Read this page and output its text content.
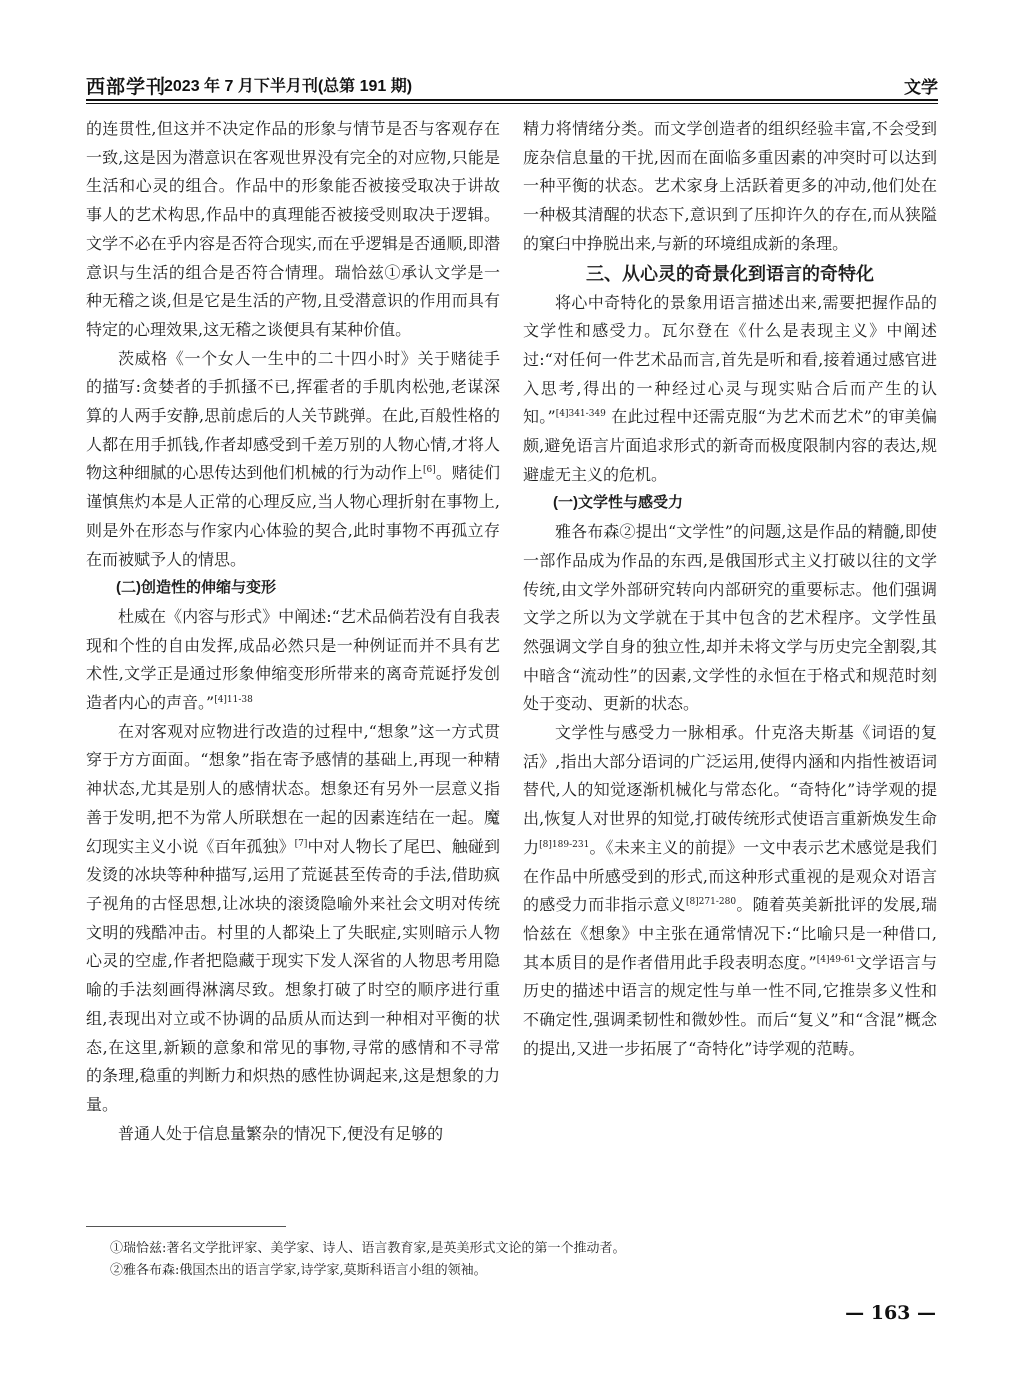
西部学刊
2023 年 7 月下半月刊(总第 191 期)	文学

的连贯性,但这并不决定作品的形象与情节是否与客观存在一致,这是因为潜意识在客观世界没有完全的对应物,只能是生活和心灵的组合。作品中的形象能否被接受取决于讲故事人的艺术构思,作品中的真理能否被接受则取决于逻辑。文学不必在乎内容是否符合现实,而在乎逻辑是否通顺,即潜意识与生活的组合是否符合情理。瑞恰兹①承认文学是一种无稽之谈,但是它是生活的产物,且受潜意识的作用而具有特定的心理效果,这无稽之谈便具有某种价值。

茨威格《一个女人一生中的二十四小时》关于赌徒手的描写:贪婪者的手抓搔不已,挥霍者的手肌肉松弛,老谋深算的人两手安静,思前虑后的人关节跳弹。在此,百般性格的人都在用手抓钱,作者却感受到千差万别的人物心情,才将人物这种细腻的心思传达到他们机械的行为动作上[6]。赌徒们谨慎焦灼本是人正常的心理反应,当人物心理折射在事物上,则是外在形态与作家内心体验的契合,此时事物不再孤立存在而被赋予人的情思。

(二)创造性的伸缩与变形

杜威在《内容与形式》中阐述:“艺术品倘若没有自我表现和个性的自由发挥,成品必然只是一种例证而并不具有艺术性,文学正是通过形象伸缩变形所带来的离奇荒诞抒发创造者内心的声音。”$^{[4]11-38}$

在对客观对应物进行改造的过程中,“想象”这一方式贯穿于方方面面。“想象”指在寄予感情的基础上,再现一种精神状态,尤其是别人的感情状态。想象还有另外一层意义指善于发明,把不为常人所联想在一起的因素连结在一起。魔幻现实主义小说《百年孤独》[7]中对人物长了尾巴、触碰到发烫的冰块等种种描写,运用了荒诞甚至传奇的手法,借助疯子视角的古怪思想,让冰块的滚烫隐喻外来社会文明对传统文明的残酷冲击。村里的人都染上了失眠症,实则暗示人物心灵的空虚,作者把隐藏于现实下发人深省的人物思考用隐喻的手法刻画得淋漓尽致。想象打破了时空的顺序进行重组,表现出对立或不协调的品质从而达到一种相对平衡的状态,在这里,新颖的意象和常见的事物,寻常的感情和不寻常的条理,稳重的判断力和炽热的感性协调起来,这是想象的力量。

普通人处于信息量繁杂的情况下,便没有足够的

精力将情绪分类。而文学创造者的组织经验丰富,不会受到庞杂信息量的干扰,因而在面临多重因素的冲突时可以达到一种平衡的状态。艺术家身上活跃着更多的冲动,他们处在一种极其清醒的状态下,意识到了压抑许久的存在,而从狭隘的窠臼中挣脱出来,与新的环境组成新的条理。

三、从心灵的奇景化到语言的奇特化

将心中奇特化的景象用语言描述出来,需要把握作品的文学性和感受力。瓦尔登在《什么是表现主义》中阐述过:“对任何一件艺术品而言,首先是听和看,接着通过感官进入思考,得出的一种经过心灵与现实贴合后而产生的认知。”$^{[4]341-349}$ 在此过程中还需克服“为艺术而艺术”的审美偏颇,避免语言片面追求形式的新奇而极度限制内容的表达,规避虚无主义的危机。

(一)文学性与感受力

雅各布森②提出“文学性”的问题,这是作品的精髓,即使一部作品成为作品的东西,是俄国形式主义打破以往的文学传统,由文学外部研究转向内部研究的重要标志。他们强调文学之所以为文学就在于其中包含的艺术程序。文学性虽然强调文学自身的独立性,却并未将文学与历史完全割裂,其中暗含“流动性”的因素,文学性的永恒在于格式和规范时刻处于变动、更新的状态。

文学性与感受力一脉相承。什克洛夫斯基《词语的复活》,指出大部分语词的广泛运用,使得内涵和内指性被语词替代,人的知觉逐渐机械化与常态化。“奇特化”诗学观的提出,恢复人对世界的知觉,打破传统形式使语言重新焕发生命力$^{[8]189-231}$。《未来主义的前提》一文中表示艺术感觉是我们在作品中所感受到的形式,而这种形式重视的是观众对语言的感受力而非指示意义$^{[8]271-280}$。随着英美新批评的发展,瑞恰兹在《想象》中主张在通常情况下:“比喻只是一种借口,其本质目的是作者借用此手段表明态度。”$^{[4]49-61}$文学语言与历史的描述中语言的规定性与单一性不同,它推崇多义性和不确定性,强调柔韧性和微妙性。而后“复义”和“含混”概念的提出,又进一步拓展了“奇特化”诗学观的范畴。

①瑞恰兹:著名文学批评家、美学家、诗人、语言教育家,是英美形式文论的第一个推动者。

②雅各布森:俄国杰出的语言学家,诗学家,莫斯科语言小组的领袖。

— 163 —
